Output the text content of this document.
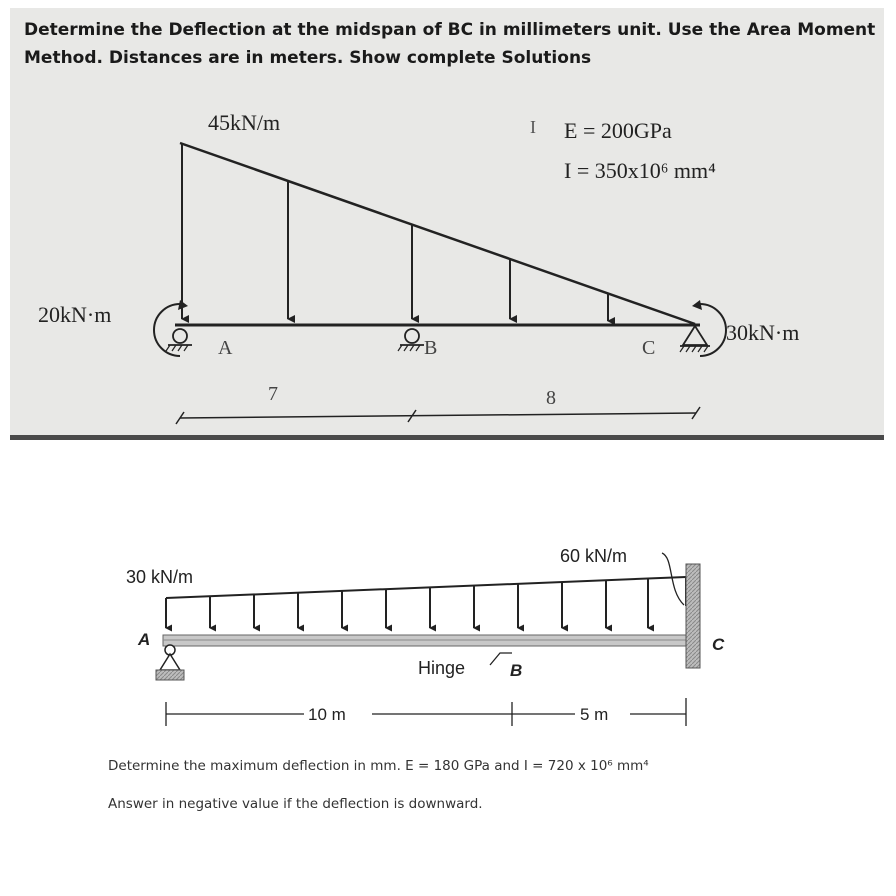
Determine the Deflection at the midspan of BC in millimeters unit. Use the Area Moment
Method. Distances are in meters. Show complete Solutions
45kN/m	I E = 200GPa
I = 350x10⁶ mm⁴
20kN·m
30kN·m
A	B	C
7	8
30 kN/m
60 kN/m
A	C
Hinge	B
10 m	5 m
Determine the maximum deflection in mm. E = 180 GPa and I = 720 x 10⁶ mm⁴
Answer in negative value if the deflection is downward.
